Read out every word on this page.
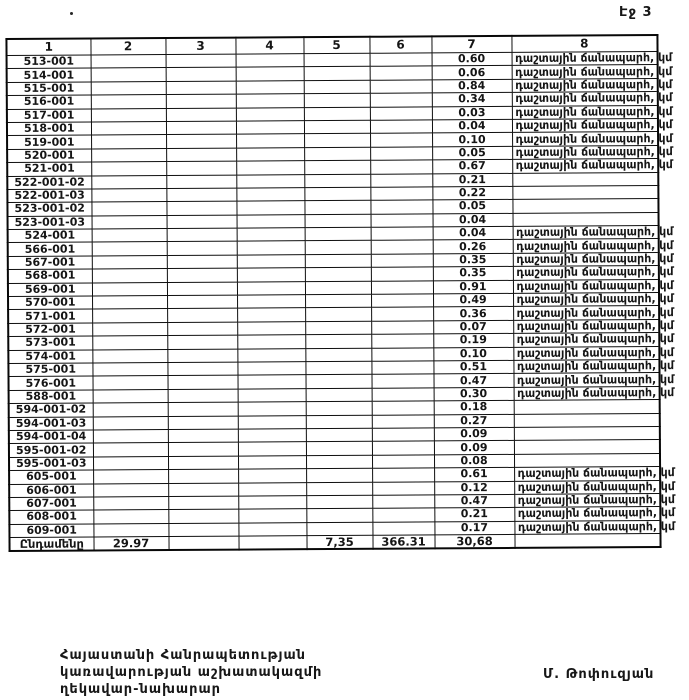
Էջ 3
1	2	3	4	5	6	7	8
513-001						0.60	դաշտային ճանապարհ, կմ
514-001						0.06	դաշտային ճանապարհ, կմ
515-001						0.84	դաշտային ճանապարհ, կմ
516-001						0.34	դաշտային ճանապարհ, կմ
517-001						0.03	դաշտային ճանապարհ, կմ
518-001						0.04	դաշտային ճանապարհ, կմ
519-001						0.10	դաշտային ճանապարհ, կմ
520-001						0.05	դաշտային ճանապարհ, կմ
521-001						0.67	դաշտային ճանապարհ, կմ
522-001-02						0.21	
522-001-03						0.22	
523-001-02						0.05	
523-001-03						0.04	
524-001						0.04	դաշտային ճանապարհ, կմ
566-001						0.26	դաշտային ճանապարհ, կմ
567-001						0.35	դաշտային ճանապարհ, կմ
568-001						0.35	դաշտային ճանապարհ, կմ
569-001						0.91	դաշտային ճանապարհ, կմ
570-001						0.49	դաշտային ճանապարհ, կմ
571-001						0.36	դաշտային ճանապարհ, կմ
572-001						0.07	դաշտային ճանապարհ, կմ
573-001						0.19	դաշտային ճանապարհ, կմ
574-001						0.10	դաշտային ճանապարհ, կմ
575-001						0.51	դաշտային ճանապարհ, կմ
576-001						0.47	դաշտային ճանապարհ, կմ
588-001						0.30	դաշտային ճանապարհ, կմ
594-001-02						0.18	
594-001-03						0.27	
594-001-04						0.09	
595-001-02						0.09	
595-001-03						0.08	
605-001						0.61	դաշտային ճանապարհ, կմ
606-001						0.12	դաշտային ճանապարհ, կմ
607-001						0.47	դաշտային ճանապարհ, կմ
608-001						0.21	դաշտային ճանապարհ, կմ
609-001						0.17	դաշտային ճանապարհ, կմ
Ընդամենը	29.97			7,35	366.31	30,68	
Հայաստանի Հանրապետության
կառավարության աշխատակազմի
ղեկավար-նախարար
Մ. Թոփուզյան
